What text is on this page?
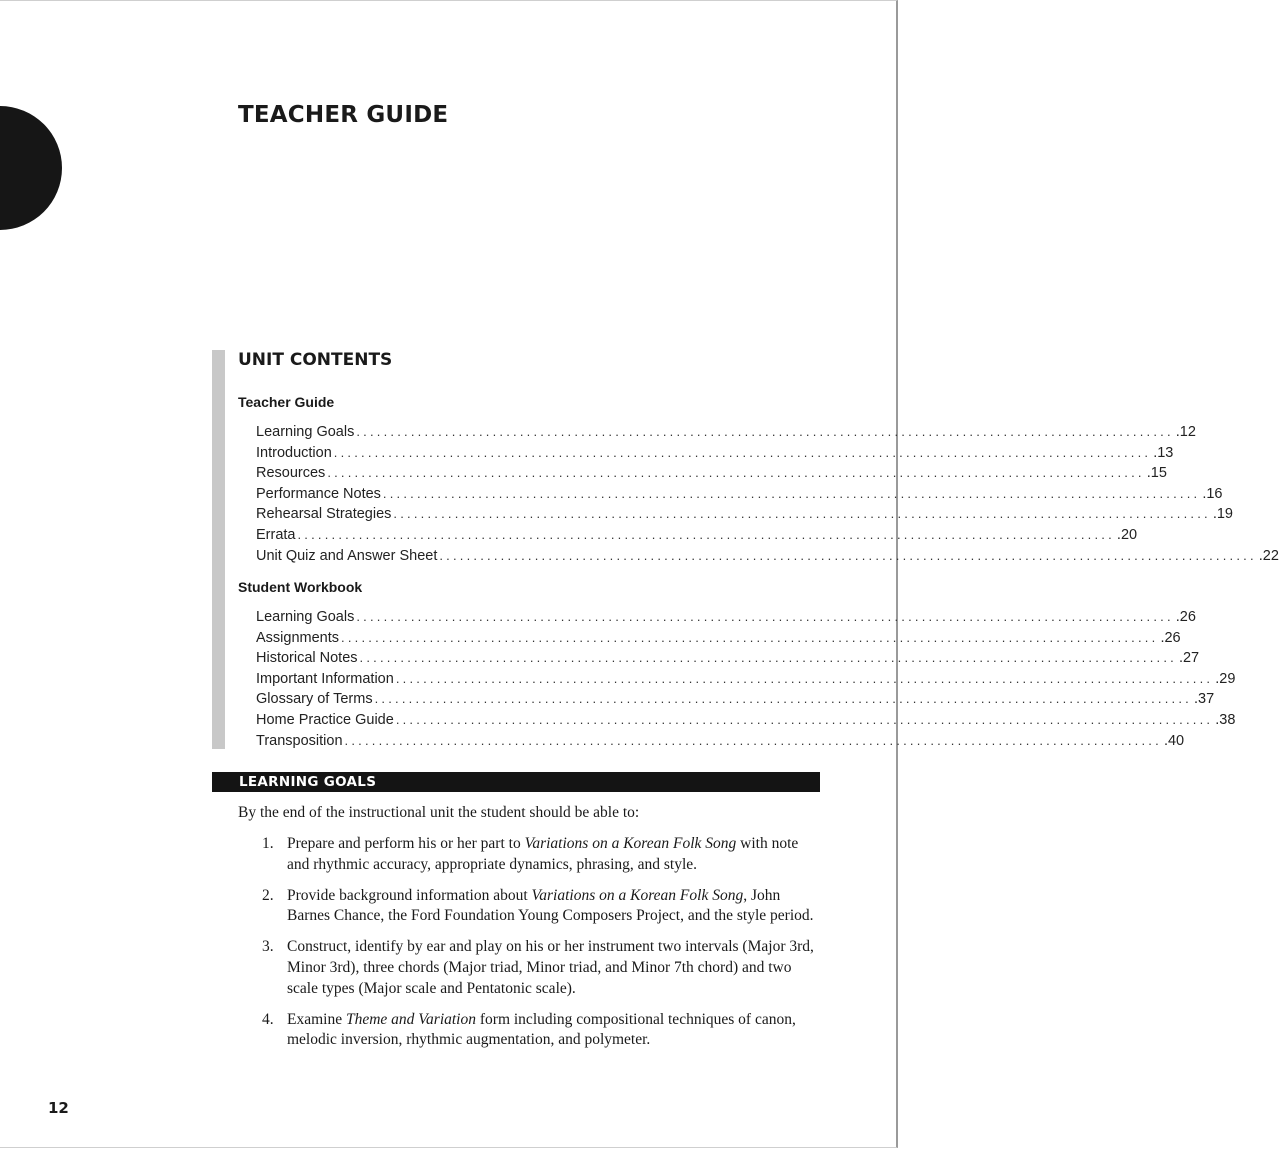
TEACHER GUIDE
UNIT CONTENTS
Teacher Guide
Learning Goals ........................................................................................................................ .12
Introduction ........................................................................................................................ .13
Resources ........................................................................................................................ .15
Performance Notes ........................................................................................................................ .16
Rehearsal Strategies ........................................................................................................................ .19
Errata ........................................................................................................................ .20
Unit Quiz and Answer Sheet ........................................................................................................................ .22
Student Workbook
Learning Goals ........................................................................................................................ .26
Assignments ........................................................................................................................ .26
Historical Notes ........................................................................................................................ .27
Important Information ........................................................................................................................ .29
Glossary of Terms ........................................................................................................................ .37
Home Practice Guide ........................................................................................................................ .38
Transposition ........................................................................................................................ .40
LEARNING GOALS

By the end of the instructional unit the student should be able to:

1. Prepare and perform his or her part to Variations on a Korean Folk Song with note and rhythmic accuracy, appropriate dynamics, phrasing, and style.
2. Provide background information about Variations on a Korean Folk Song, John Barnes Chance, the Ford Foundation Young Composers Project, and the style period.
3. Construct, identify by ear and play on his or her instrument two intervals (Major 3rd, Minor 3rd), three chords (Major triad, Minor triad, and Minor 7th chord) and two scale types (Major scale and Pentatonic scale).
4. Examine Theme and Variation form including compositional techniques of canon, melodic inversion, rhythmic augmentation, and polymeter.
12
